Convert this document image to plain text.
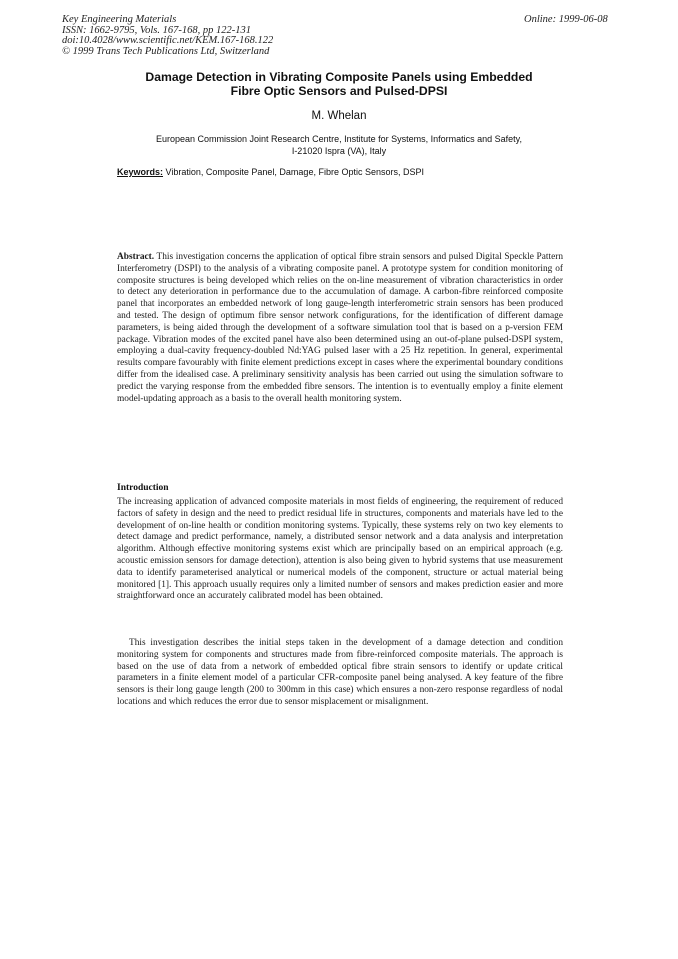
Key Engineering Materials
ISSN: 1662-9795, Vols. 167-168, pp 122-131
doi:10.4028/www.scientific.net/KEM.167-168.122
© 1999 Trans Tech Publications Ltd, Switzerland
Online: 1999-06-08
Damage Detection in Vibrating Composite Panels using Embedded
Fibre Optic Sensors and Pulsed-DPSI
M. Whelan
European Commission Joint Research Centre, Institute for Systems, Informatics and Safety,
I-21020 Ispra (VA), Italy
Keywords: Vibration, Composite Panel, Damage, Fibre Optic Sensors, DSPI
Abstract. This investigation concerns the application of optical fibre strain sensors and pulsed Digital Speckle Pattern Interferometry (DSPI) to the analysis of a vibrating composite panel. A prototype system for condition monitoring of composite structures is being developed which relies on the on-line measurement of vibration characteristics in order to detect any deterioration in performance due to the accumulation of damage. A carbon-fibre reinforced composite panel that incorporates an embedded network of long gauge-length interferometric strain sensors has been produced and tested. The design of optimum fibre sensor network configurations, for the identification of different damage parameters, is being aided through the development of a software simulation tool that is based on a p-version FEM package. Vibration modes of the excited panel have also been determined using an out-of-plane pulsed-DSPI system, employing a dual-cavity frequency-doubled Nd:YAG pulsed laser with a 25 Hz repetition. In general, experimental results compare favourably with finite element predictions except in cases where the experimental boundary conditions differ from the idealised case. A preliminary sensitivity analysis has been carried out using the simulation software to predict the varying response from the embedded fibre sensors. The intention is to eventually employ a finite element model-updating approach as a basis to the overall health monitoring system.
Introduction
The increasing application of advanced composite materials in most fields of engineering, the requirement of reduced factors of safety in design and the need to predict residual life in structures, components and materials have led to the development of on-line health or condition monitoring systems. Typically, these systems rely on two key elements to detect damage and predict performance, namely, a distributed sensor network and a data analysis and interpretation algorithm. Although effective monitoring systems exist which are principally based on an empirical approach (e.g. acoustic emission sensors for damage detection), attention is also being given to hybrid systems that use measurement data to identify parameterised analytical or numerical models of the component, structure or actual material being monitored [1]. This approach usually requires only a limited number of sensors and makes prediction easier and more straightforward once an accurately calibrated model has been obtained.
This investigation describes the initial steps taken in the development of a damage detection and condition monitoring system for components and structures made from fibre-reinforced composite materials. The approach is based on the use of data from a network of embedded optical fibre strain sensors to identify or update critical parameters in a finite element model of a particular CFR-composite panel being analysed. A key feature of the fibre sensors is their long gauge length (200 to 300mm in this case) which ensures a non-zero response regardless of nodal locations and which reduces the error due to sensor misplacement or misalignment.
